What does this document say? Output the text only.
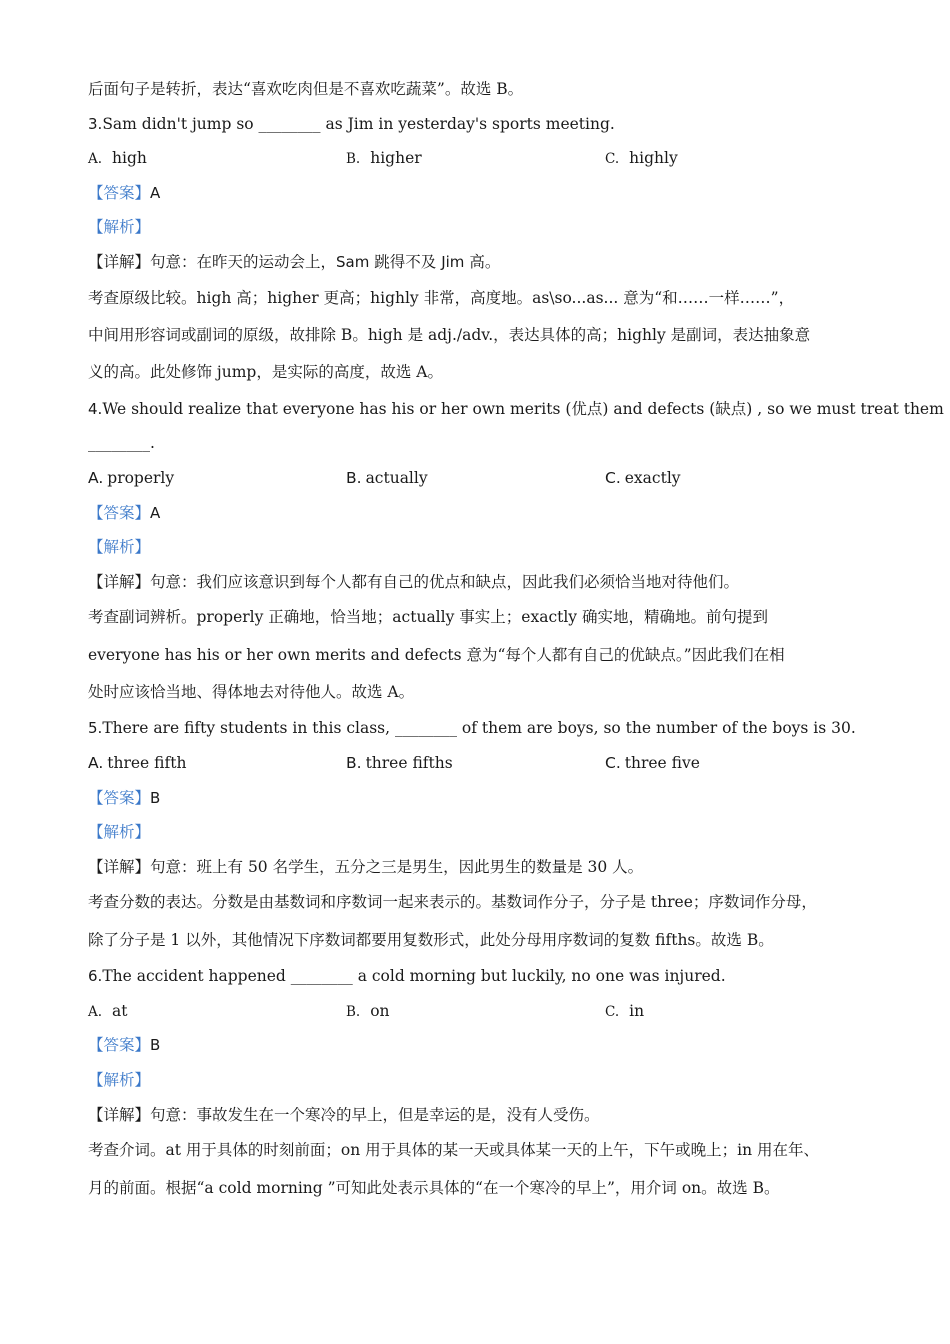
后面句子是转折，表达“喜欢吃肉但是不喜欢吃蔬菜”。故选 B。
3.Sam didn't jump so ________ as Jim in yesterday's sports meeting.
A. high	B. higher	C. highly
【答案】A
【解析】
【详解】句意：在昨天的运动会上，Sam 跳得不及 Jim 高。
考查原级比较。high 高；higher 更高；highly 非常，高度地。as\so...as... 意为“和……一样……”，
中间用形容词或副词的原级，故排除 B。high 是 adj./adv.，表达具体的高；highly 是副词，表达抽象意
义的高。此处修饰 jump，是实际的高度，故选 A。
4.We should realize that everyone has his or her own merits (优点) and defects (缺点) , so we must treat them
________.
A. properly	B. actually	C. exactly
【答案】A
【解析】
【详解】句意：我们应该意识到每个人都有自己的优点和缺点，因此我们必须恰当地对待他们。
考查副词辨析。properly 正确地，恰当地；actually 事实上；exactly 确实地，精确地。前句提到
everyone has his or her own merits and defects 意为“每个人都有自己的优缺点。”因此我们在相
处时应该恰当地、得体地去对待他人。故选 A。
5.There are fifty students in this class, ________ of them are boys, so the number of the boys is 30.
A. three fifth	B. three fifths	C. three five
【答案】B
【解析】
【详解】句意：班上有 50 名学生，五分之三是男生，因此男生的数量是 30 人。
考查分数的表达。分数是由基数词和序数词一起来表示的。基数词作分子，分子是 three；序数词作分母，
除了分子是 1 以外，其他情况下序数词都要用复数形式，此处分母用序数词的复数 fifths。故选 B。
6.The accident happened ________ a cold morning but luckily, no one was injured.
A. at	B. on	C. in
【答案】B
【解析】
【详解】句意：事故发生在一个寒冷的早上，但是幸运的是，没有人受伤。
考查介词。at 用于具体的时刻前面；on 用于具体的某一天或具体某一天的上午，下午或晚上；in 用在年、
月的前面。根据“a cold morning ”可知此处表示具体的“在一个寒冷的早上”，用介词 on。故选 B。
